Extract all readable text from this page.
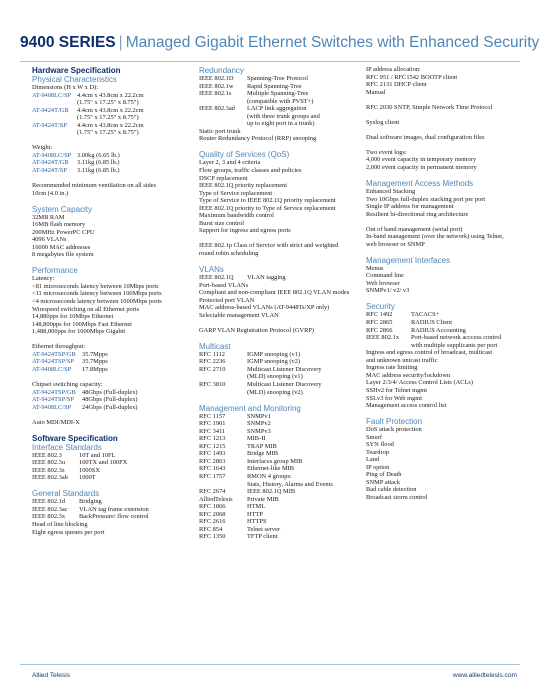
9400 SERIES | Managed Gigabit Ethernet Switches with Enhanced Security
Hardware Specification
Physical Characteristics
Dimensions (H x W x D):
AT-9408LC/SP 4.4cm x 43.8cm x 22.2cm
(1.75" x 17.25" x 8.75")
AT-9424T/GB	4.4cm x 43.8cm x 22.2cm
(1.75" x 17.25" x 8.75")
AT-9424T/SP	4.4cm x 43.8cm x 22.2cm
(1.75" x 17.25" x 8.75")
Weight:
AT-9408LC/SP 3.00kg (6.65 lb.)
AT-9424T/GB	3.11kg (6.85 lb.)
AT-9424T/SP	3.11kg (6.85 lb.)
Recommended minimum ventilation on all sides
10cm (4.0 in.)
System Capacity
32MB RAM
16MB flash memory
200MHz PowerPC CPU
4096 VLANs
16000 MAC addresses
8 megabytes file system
Performance
Latency:
<81 microseconds latency between 10Mbps ports
<11 microseconds latency between 100Mbps ports
<4 microseconds latency between 1000Mbps ports
Wirespeed switching on all Ethernet ports
14,880pps for 10Mbps Ethernet
148,800pps for 100Mbps Fast Ethernet
1,488,000pps for 1000Mbps Gigabit
Ethernet throughput:
AT-9424TSP/GB 35.7Mpps
AT-9424TSP/SP	35.7Mpps
AT-9408LC/SP	17.8Mpps
Chipset switching capacity:
AT-9424TSP/GB 48Gbps (Full-duplex)
AT-9424TSP/SP	48Gbps (Full-duplex)
AT-9408LC/SP	24Gbps (Full-duplex)
Auto MDI/MDI-X
Software Specification
Interface Standards
IEEE 802.3	10T and 10FL
IEEE 802.3u	100TX and 100FX
IEEE 802.3z	1000SX
IEEE 802.3ab	1000T
General Standards
IEEE 802.1d	Bridging
IEEE 802.3ac	VLAN tag frame extension
IEEE 802.3x	BackPressure/ flow control
Head of line blocking
Eight egress queues per port
Redundancy
IEEE 802.1D	Spanning-Tree Protocol
IEEE 802.1w	Rapid Spanning-Tree
IEEE 802.1s	Multiple Spanning-Tree
(compatible with PVST+)
IEEE 802.3ad	LACP link aggregation
(with three trunk groups and
up to eight port in a trunk)
Static port trunk
Router Redundancy Protocol (RRP) snooping
Quality of Services (QoS)
Layer 2, 3 and 4 criteria
Flow groups, traffic classes and policies
DSCP replacement
IEEE 802.1Q priority replacement
Type of Service replacement
Type of Service to IEEE 802.1Q priority replacement
IEEE 802.1Q priority to Type of Service replacement
Maximum bandwidth control
Burst size control
Support for ingress and egress ports
IEEE 802.1p Class of Service with strict and weighted
round robin scheduling
VLANs
IEEE 802.1Q	VLAN tagging
Port-based VLANs
Compliant and non-compliant IEEE 802.1Q VLAN modes
Protected port VLAN
MAC address-based VLANs (AT-9448Ts/XP only)
Selectable management VLAN
GARP VLAN Registration Protocol (GVRP)
Multicast
RFC 1112	IGMP snooping (v1)
RFC 2236	IGMP snooping (v2)
RFC 2710	Multicast Listener Discovery
(MLD) snooping (v1)
RFC 3810	Multicast Listener Discovery
(MLD) snooping (v2)
Management and Monitoring
RFC 1157	SNMPv1
RFC 1901	SNMPv2
RFC 3411	SNMPv3
RFC 1213	MIB-II
RFC 1215	TRAP MIB
RFC 1493	Bridge MIB
RFC 2863	Interfaces group MIB
RFC 1643	Ethernet-like MIB
RFC 1757	RMON 4 groups:
Stats, History, Alarms and Events
RFC 2674	IEEE 802.1Q MIB
AlliedTelesis	Private MIB
RFC 1866	HTML
RFC 2068	HTTP
RFC 2616	HTTPS
RFC 854	Telnet server
RFC 1350	TFTP client
IP address allocation:
RFC 951 / RFC1542 BOOTP client
RFC 2131 DHCP client
Manual
RFC 2030 SNTP, Simple Network Time Protocol
Syslog client
Dual software images, dual configuration files
Two event logs:
4,000 event capacity in temporary memory
2,000 event capacity in permanent memory
Management Access Methods
Enhanced Stacking
Two 10Gbps full-duplex stacking port per port
Single IP address for management
Resilient bi-directional ring architecture
Out of band management (serial port)
In-band management (over the network) using Telnet,
web browser or SNMP
Management Interfaces
Menus
Command line
Web browser
SNMPv1/ v2/ v3
Security
RFC 1492	TACACS+
RFC 2865	RADIUS Client
RFC 2866	RADIUS Accounting
IEEE 802.1x	Port-based network acccess control
with multiple supplicants per port
Ingress and egress control of broadcast, multicast
and unknown unicast traffic
Ingress rate limiting
MAC address security/lockdown
Layer 2/3/4/ Access Control Lists (ACLs)
SSHv2 for Telnet mgmt
SSLv3 for Web mgmt
Management access control list
Fault Protection
DoS attack protection
Smurf
SYN flood
Teardrop
Land
IP option
Ping of Death
SNMP attack
Bad cable detection
Broadcast storm control
Allied Telesis	www.alliedtelesis.com
